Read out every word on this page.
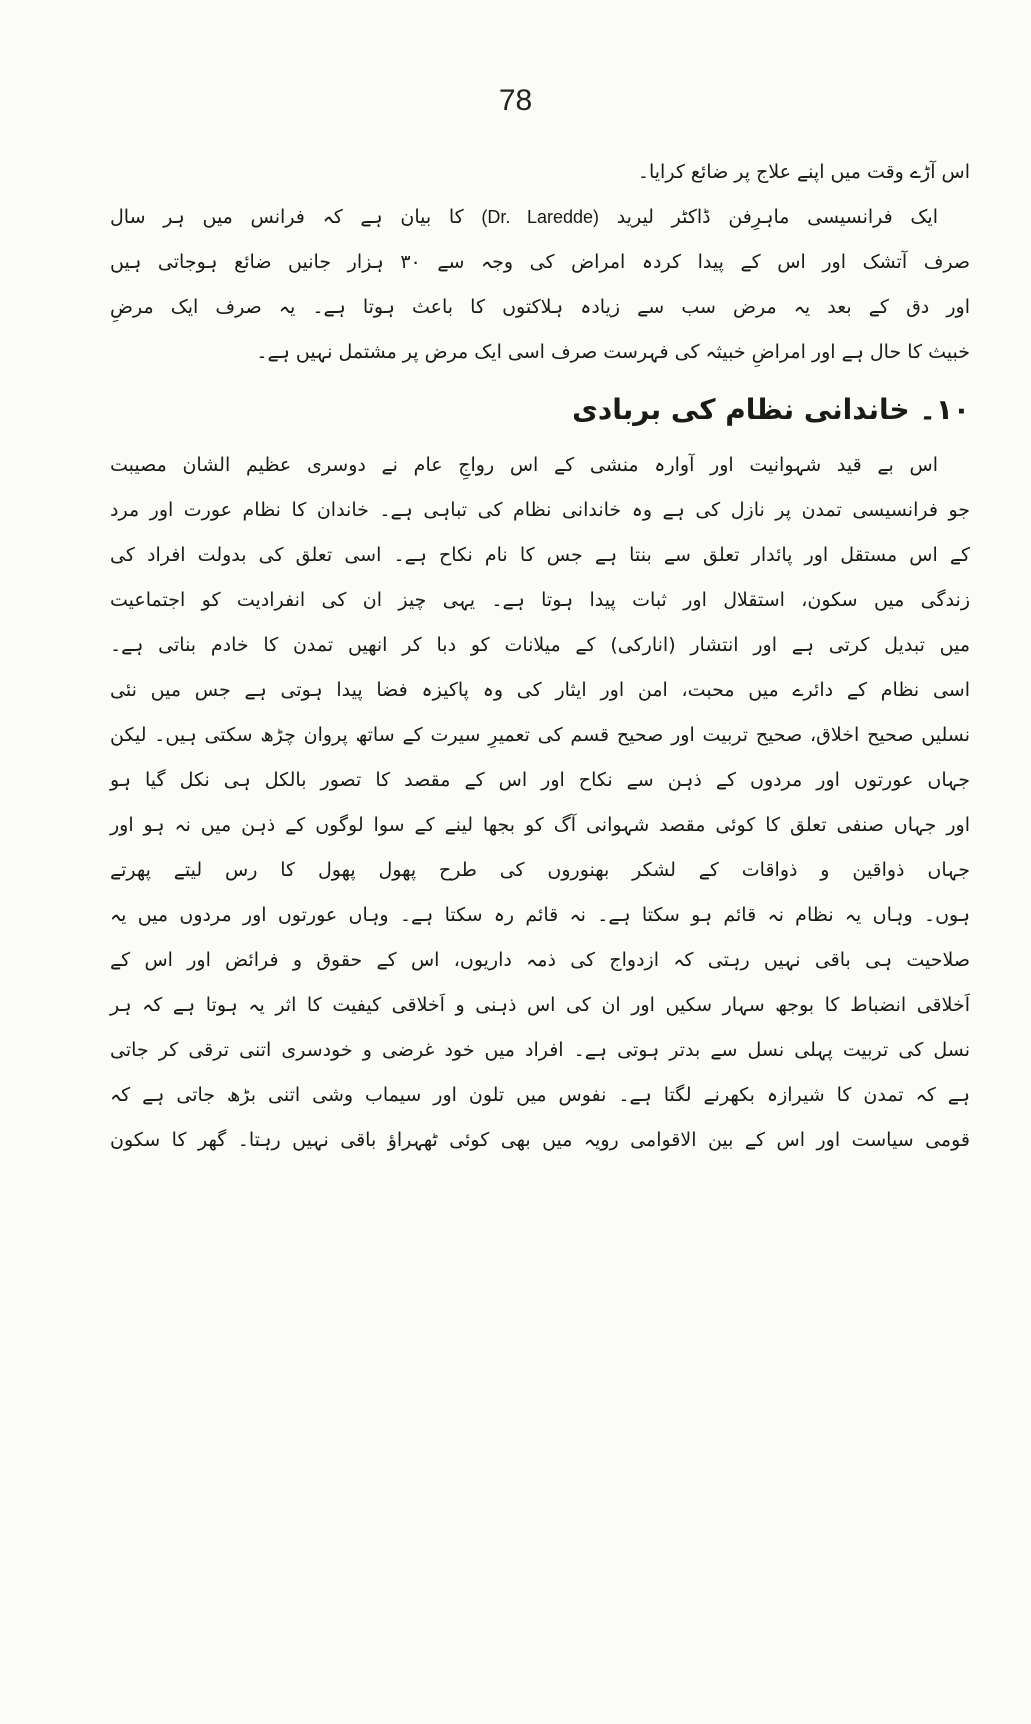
78
اس آڑے وقت میں اپنے علاج پر ضائع کرایا۔
ایک فرانسیسی ماہرِفن ڈاکٹر لیرید (Dr. Laredde) کا بیان ہے کہ فرانس میں ہر سال
صرف آتشک اور اس کے پیدا کردہ امراض کی وجہ سے ۳۰ ہزار جانیں ضائع ہوجاتی ہیں
اور دق کے بعد یہ مرض سب سے زیادہ ہلاکتوں کا باعث ہوتا ہے۔ یہ صرف ایک مرضِ
خبیث کا حال ہے اور امراضِ خبیثہ کی فہرست صرف اسی ایک مرض پر مشتمل نہیں ہے۔
۱۰۔ خاندانی نظام کی بربادی
اس بے قید شہوانیت اور آوارہ منشی کے اس رواجِ عام نے دوسری عظیم الشان مصیبت
جو فرانسیسی تمدن پر نازل کی ہے وہ خاندانی نظام کی تباہی ہے۔ خاندان کا نظام عورت اور مرد
کے اس مستقل اور پائدار تعلق سے بنتا ہے جس کا نام نکاح ہے۔ اسی تعلق کی بدولت افراد کی
زندگی میں سکون، استقلال اور ثبات پیدا ہوتا ہے۔ یہی چیز ان کی انفرادیت کو اجتماعیت
میں تبدیل کرتی ہے اور انتشار (انارکی) کے میلانات کو دبا کر انھیں تمدن کا خادم بناتی ہے۔
اسی نظام کے دائرے میں محبت، امن اور ایثار کی وہ پاکیزہ فضا پیدا ہوتی ہے جس میں نئی
نسلیں صحیح اخلاق، صحیح تربیت اور صحیح قسم کی تعمیرِ سیرت کے ساتھ پروان چڑھ سکتی ہیں۔ لیکن
جہاں عورتوں اور مردوں کے ذہن سے نکاح اور اس کے مقصد کا تصور بالکل ہی نکل گیا ہو
اور جہاں صنفی تعلق کا کوئی مقصد شہوانی آگ کو بجھا لینے کے سوا لوگوں کے ذہن میں نہ ہو اور
جہاں ذواقین و ذواقات کے لشکر بھنوروں کی طرح پھول پھول کا رس لیتے پھرتے
ہوں۔ وہاں یہ نظام نہ قائم ہو سکتا ہے۔ نہ قائم رہ سکتا ہے۔ وہاں عورتوں اور مردوں میں یہ
صلاحیت ہی باقی نہیں رہتی کہ ازدواج کی ذمہ داریوں، اس کے حقوق و فرائض اور اس کے
اَخلاقی انضباط کا بوجھ سہار سکیں اور ان کی اس ذہنی و اَخلاقی کیفیت کا اثر یہ ہوتا ہے کہ ہر
نسل کی تربیت پہلی نسل سے بدتر ہوتی ہے۔ افراد میں خود غرضی و خودسری اتنی ترقی کر جاتی
ہے کہ تمدن کا شیرازہ بکھرنے لگتا ہے۔ نفوس میں تلون اور سیماب وشی اتنی بڑھ جاتی ہے کہ
قومی سیاست اور اس کے بین الاقوامی رویہ میں بھی کوئی ٹھہراؤ باقی نہیں رہتا۔ گھر کا سکون
